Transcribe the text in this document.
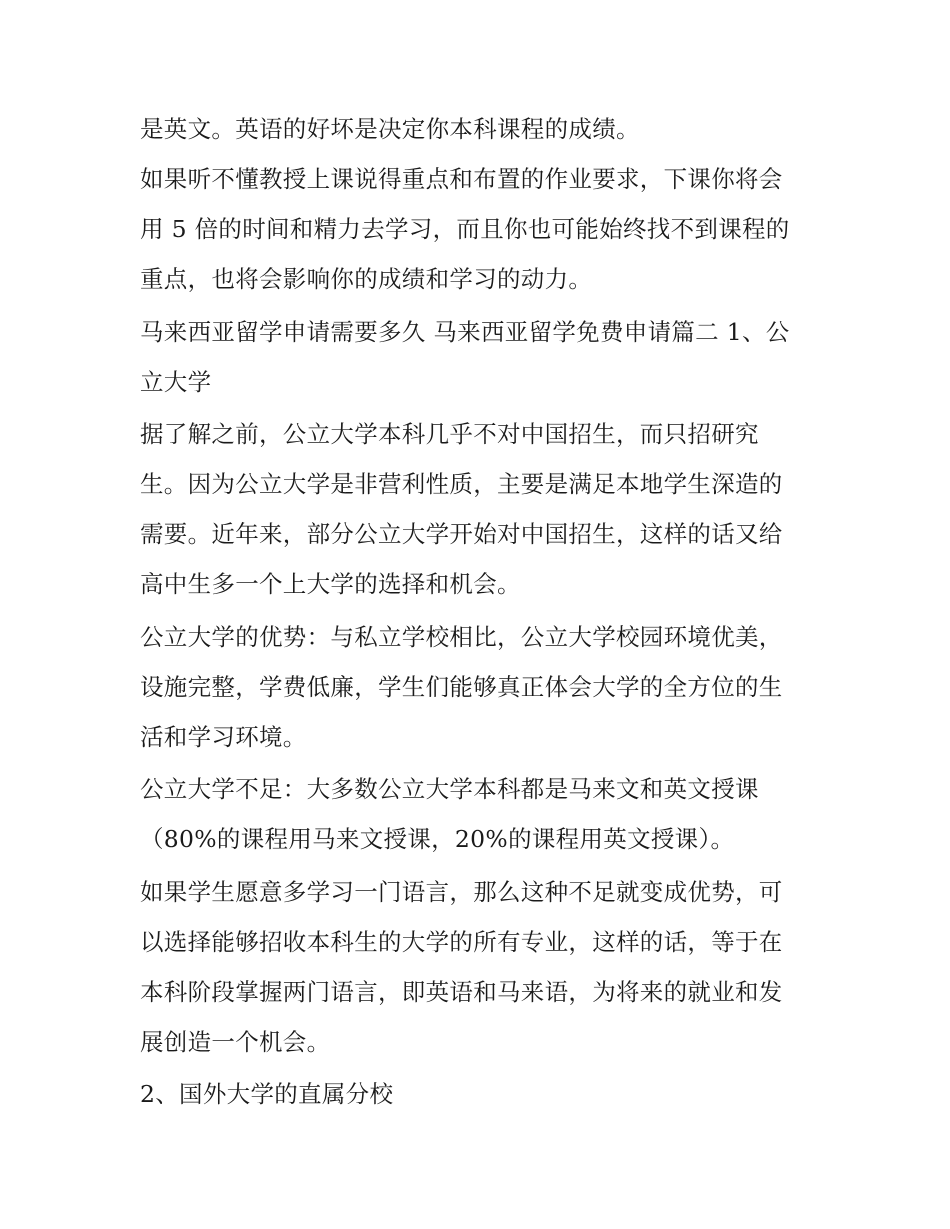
是英文。英语的好坏是决定你本科课程的成绩。
如果听不懂教授上课说得重点和布置的作业要求，下课你将会
用 5 倍的时间和精力去学习，而且你也可能始终找不到课程的
重点，也将会影响你的成绩和学习的动力。
马来西亚留学申请需要多久 马来西亚留学免费申请篇二 1、公
立大学
据了解之前，公立大学本科几乎不对中国招生，而只招研究
生。因为公立大学是非营利性质，主要是满足本地学生深造的
需要。近年来，部分公立大学开始对中国招生，这样的话又给
高中生多一个上大学的选择和机会。
公立大学的优势：与私立学校相比，公立大学校园环境优美，
设施完整，学费低廉，学生们能够真正体会大学的全方位的生
活和学习环境。
公立大学不足：大多数公立大学本科都是马来文和英文授课
（80%的课程用马来文授课，20%的课程用英文授课）。
如果学生愿意多学习一门语言，那么这种不足就变成优势，可
以选择能够招收本科生的大学的所有专业，这样的话，等于在
本科阶段掌握两门语言，即英语和马来语，为将来的就业和发
展创造一个机会。
2、国外大学的直属分校
